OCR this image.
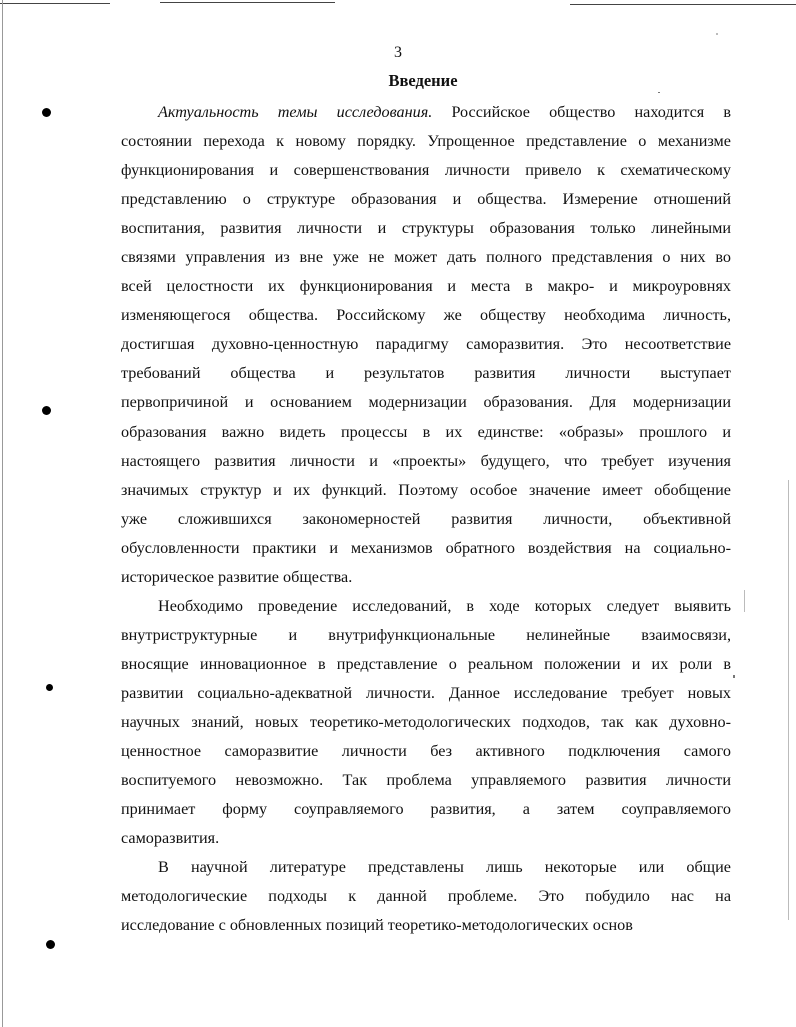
3
Введение
Актуальность темы исследования. Российское общество находится в
состоянии перехода к новому порядку. Упрощенное представление о механизме
функционирования и совершенствования личности привело к схематическому
представлению о структуре образования и общества. Измерение отношений
воспитания, развития личности и структуры образования только линейными
связями управления из вне уже не может дать полного представления о них во
всей целостности их функционирования и места в макро- и микроуровнях
изменяющегося общества. Российскому же обществу необходима личность,
достигшая духовно-ценностную парадигму саморазвития. Это несоответствие
требований общества и результатов развития личности выступает
первопричиной и основанием модернизации образования. Для модернизации
образования важно видеть процессы в их единстве: «образы» прошлого и
настоящего развития личности и «проекты» будущего, что требует изучения
значимых структур и их функций. Поэтому особое значение имеет обобщение
уже сложившихся закономерностей развития личности, объективной
обусловленности практики и механизмов обратного воздействия на социально-
историческое развитие общества.
Необходимо проведение исследований, в ходе которых следует выявить
внутриструктурные и внутрифункциональные нелинейные взаимосвязи,
вносящие инновационное в представление о реальном положении и их роли в
развитии социально-адекватной личности. Данное исследование требует новых
научных знаний, новых теоретико-методологических подходов, так как духовно-
ценностное саморазвитие личности без активного подключения самого
воспитуемого невозможно. Так проблема управляемого развития личности
принимает форму соуправляемого развития, а затем соуправляемого
саморазвития.
В научной литературе представлены лишь некоторые или общие
методологические подходы к данной проблеме. Это побудило нас на
исследование с обновленных позиций теоретико-методологических основ
